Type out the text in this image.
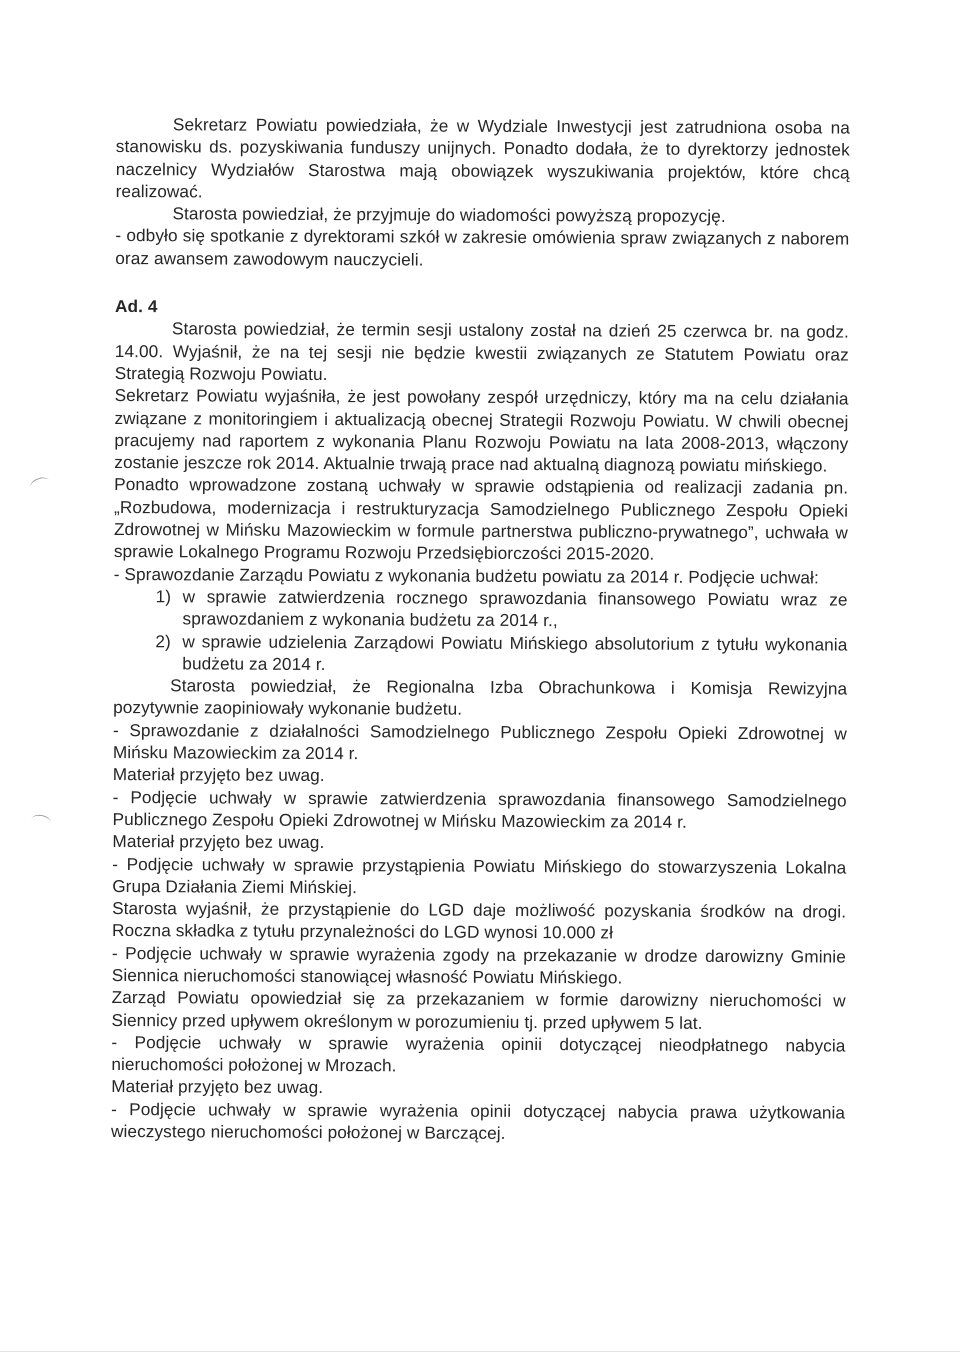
Sekretarz Powiatu powiedziała, że w Wydziale Inwestycji jest zatrudniona osoba na stanowisku ds. pozyskiwania funduszy unijnych. Ponadto dodała, że to dyrektorzy jednostek naczelnicy Wydziałów Starostwa mają obowiązek wyszukiwania projektów, które chcą realizować.

Starosta powiedział, że przyjmuje do wiadomości powyższą propozycję.

- odbyło się spotkanie z dyrektorami szkół w zakresie omówienia spraw związanych z naborem oraz awansem zawodowym nauczycieli.

Ad. 4

Starosta powiedział, że termin sesji ustalony został na dzień 25 czerwca br. na godz. 14.00. Wyjaśnił, że na tej sesji nie będzie kwestii związanych ze Statutem Powiatu oraz Strategią Rozwoju Powiatu.

Sekretarz Powiatu wyjaśniła, że jest powołany zespół urzędniczy, który ma na celu działania związane z monitoringiem i aktualizacją obecnej Strategii Rozwoju Powiatu. W chwili obecnej pracujemy nad raportem z wykonania Planu Rozwoju Powiatu na lata 2008-2013, włączony zostanie jeszcze rok 2014. Aktualnie trwają prace nad aktualną diagnozą powiatu mińskiego.

Ponadto wprowadzone zostaną uchwały w sprawie odstąpienia od realizacji zadania pn. „Rozbudowa, modernizacja i restrukturyzacja Samodzielnego Publicznego Zespołu Opieki Zdrowotnej w Mińsku Mazowieckim w formule partnerstwa publiczno-prywatnego”, uchwała w sprawie Lokalnego Programu Rozwoju Przedsiębiorczości 2015-2020.

- Sprawozdanie Zarządu Powiatu z wykonania budżetu powiatu za 2014 r. Podjęcie uchwał:

1) w sprawie zatwierdzenia rocznego sprawozdania finansowego Powiatu wraz ze sprawozdaniem z wykonania budżetu za 2014 r.,
2) w sprawie udzielenia Zarządowi Powiatu Mińskiego absolutorium z tytułu wykonania budżetu za 2014 r.

Starosta powiedział, że Regionalna Izba Obrachunkowa i Komisja Rewizyjna pozytywnie zaopiniowały wykonanie budżetu.

- Sprawozdanie z działalności Samodzielnego Publicznego Zespołu Opieki Zdrowotnej w Mińsku Mazowieckim za 2014 r.

Materiał przyjęto bez uwag.

- Podjęcie uchwały w sprawie zatwierdzenia sprawozdania finansowego Samodzielnego Publicznego Zespołu Opieki Zdrowotnej w Mińsku Mazowieckim za 2014 r.

Materiał przyjęto bez uwag.

- Podjęcie uchwały w sprawie przystąpienia Powiatu Mińskiego do stowarzyszenia Lokalna Grupa Działania Ziemi Mińskiej.

Starosta wyjaśnił, że przystąpienie do LGD daje możliwość pozyskania środków na drogi. Roczna składka z tytułu przynależności do LGD wynosi 10.000 zł

- Podjęcie uchwały w sprawie wyrażenia zgody na przekazanie w drodze darowizny Gminie Siennica nieruchomości stanowiącej własność Powiatu Mińskiego.

Zarząd Powiatu opowiedział się za przekazaniem w formie darowizny nieruchomości w Siennicy przed upływem określonym w porozumieniu tj. przed upływem 5 lat.

- Podjęcie uchwały w sprawie wyrażenia opinii dotyczącej nieodpłatnego nabycia nieruchomości położonej w Mrozach.

Materiał przyjęto bez uwag.

- Podjęcie uchwały w sprawie wyrażenia opinii dotyczącej nabycia prawa użytkowania wieczystego nieruchomości położonej w Barczącej.
